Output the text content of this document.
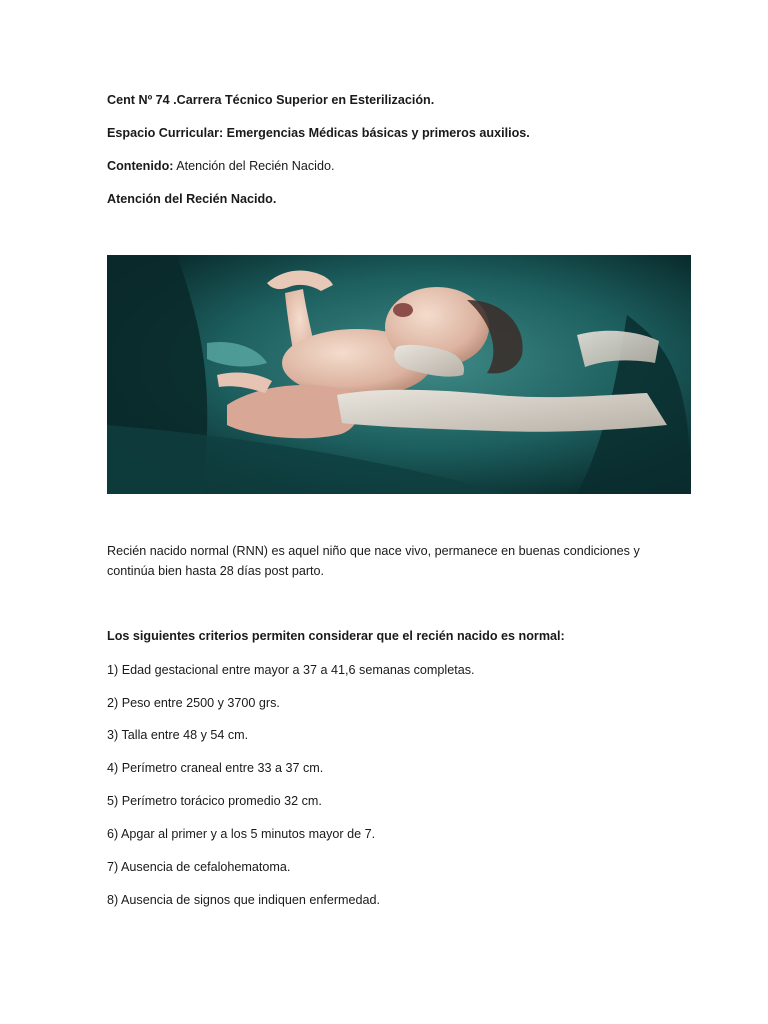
Cent Nº 74 .Carrera Técnico Superior en Esterilización.
Espacio Curricular: Emergencias Médicas básicas y primeros auxilios.
Contenido: Atención del Recién Nacido.
Atención del Recién Nacido.
Recién nacido normal (RNN) es aquel niño que nace vivo, permanece en buenas condiciones y continúa bien hasta 28 días post parto.
Los siguientes criterios permiten considerar que el recién nacido es normal:
1) Edad gestacional entre mayor a 37 a 41,6 semanas completas.
2) Peso entre 2500 y 3700 grs.
3) Talla entre 48 y 54 cm.
4) Perímetro craneal entre 33 a 37 cm.
5) Perímetro torácico promedio 32 cm.
6) Apgar al primer y a los 5 minutos mayor de 7.
7) Ausencia de cefalohematoma.
8) Ausencia de signos que indiquen enfermedad.
